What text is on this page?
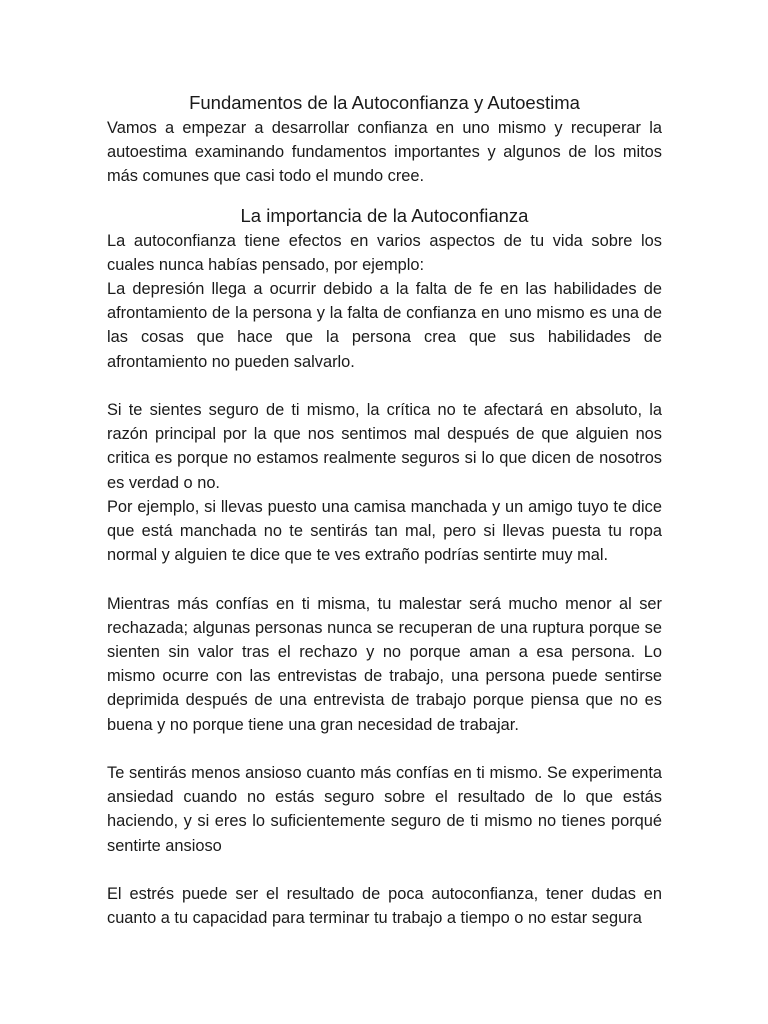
Fundamentos de la Autoconfianza y Autoestima

Vamos a empezar a desarrollar confianza en uno mismo y recuperar la autoestima examinando fundamentos importantes y algunos de los mitos más comunes que casi todo el mundo cree.

La importancia de la Autoconfianza

La autoconfianza tiene efectos en varios aspectos de tu vida sobre los cuales nunca habías pensado, por ejemplo:

La depresión llega a ocurrir debido a la falta de fe en las habilidades de afrontamiento de la persona y la falta de confianza en uno mismo es una de las cosas que hace que la persona crea que sus habilidades de afrontamiento no pueden salvarlo.

Si te sientes seguro de ti mismo, la crítica no te afectará en absoluto, la razón principal por la que nos sentimos mal después de que alguien nos critica es porque no estamos realmente seguros si lo que dicen de nosotros es verdad o no.

Por ejemplo, si llevas puesto una camisa manchada y un amigo tuyo te dice que está manchada no te sentirás tan mal, pero si llevas puesta tu ropa normal y alguien te dice que te ves extraño podrías sentirte muy mal.

Mientras más confías en ti misma, tu malestar será mucho menor al ser rechazada; algunas personas nunca se recuperan de una ruptura porque se sienten sin valor tras el rechazo y no porque aman a esa persona. Lo mismo ocurre con las entrevistas de trabajo, una persona puede sentirse deprimida después de una entrevista de trabajo porque piensa que no es buena y no porque tiene una gran necesidad de trabajar.

Te sentirás menos ansioso cuanto más confías en ti mismo. Se experimenta ansiedad cuando no estás seguro sobre el resultado de lo que estás haciendo, y si eres lo suficientemente seguro de ti mismo no tienes porqué sentirte ansioso

El estrés puede ser el resultado de poca autoconfianza, tener dudas en cuanto a tu capacidad para terminar tu trabajo a tiempo o no estar segura
